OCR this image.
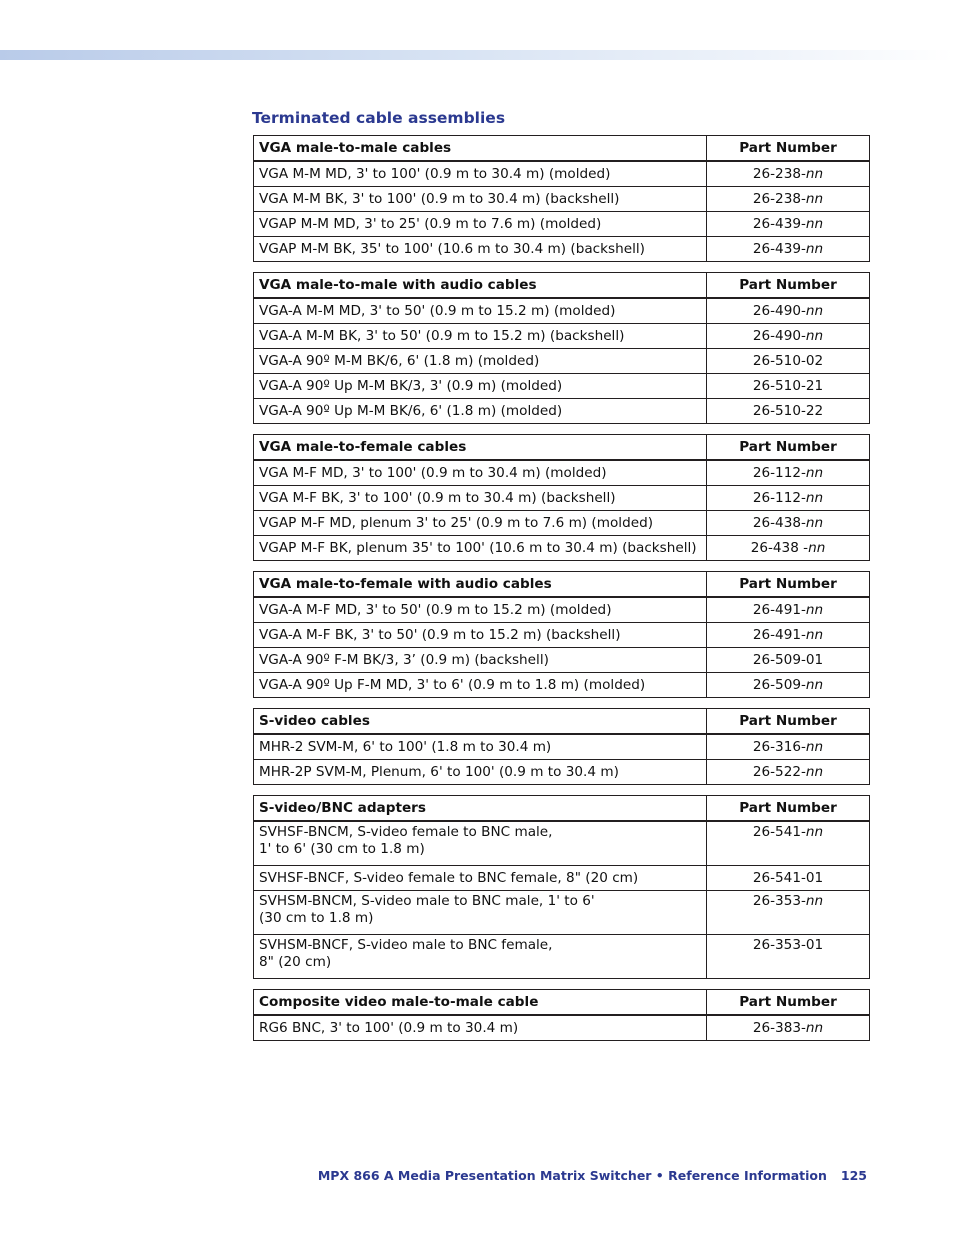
Terminated cable assemblies
VGA male-to-male cables	Part Number
VGA M-M MD, 3' to 100' (0.9 m to 30.4 m) (molded)	26-238-nn
VGA M-M BK, 3' to 100' (0.9 m to 30.4 m) (backshell)	26-238-nn
VGAP M-M MD, 3' to 25' (0.9 m to 7.6 m) (molded)	26-439-nn
VGAP M-M BK, 35' to 100' (10.6 m to 30.4 m) (backshell)	26-439-nn
VGA male-to-male with audio cables	Part Number
VGA-A M-M MD, 3' to 50' (0.9 m to 15.2 m) (molded)	26-490-nn
VGA-A M-M BK, 3' to 50' (0.9 m to 15.2 m) (backshell)	26-490-nn
VGA-A 90º M-M BK/6, 6' (1.8 m) (molded)	26-510-02
VGA-A 90º Up M-M BK/3, 3' (0.9 m) (molded)	26-510-21
VGA-A 90º Up M-M BK/6, 6' (1.8 m) (molded)	26-510-22
VGA male-to-female cables	Part Number
VGA M-F MD, 3' to 100' (0.9 m to 30.4 m) (molded)	26-112-nn
VGA M-F BK, 3' to 100' (0.9 m to 30.4 m) (backshell)	26-112-nn
VGAP M-F MD, plenum 3' to 25' (0.9 m to 7.6 m) (molded)	26-438-nn
VGAP M-F BK, plenum 35' to 100' (10.6 m to 30.4 m) (backshell)	26-438 -nn
VGA male-to-female with audio cables	Part Number
VGA-A M-F MD, 3' to 50' (0.9 m to 15.2 m) (molded)	26-491-nn
VGA-A M-F BK, 3' to 50' (0.9 m to 15.2 m) (backshell)	26-491-nn
VGA-A 90º F-M BK/3, 3’ (0.9 m) (backshell)	26-509-01
VGA-A 90º Up F-M MD, 3' to 6' (0.9 m to 1.8 m) (molded)	26-509-nn
S-video cables	Part Number
MHR-2 SVM-M, 6' to 100' (1.8 m to 30.4 m)	26-316-nn
MHR-2P SVM-M, Plenum, 6' to 100' (0.9 m to 30.4 m)	26-522-nn
S-video/BNC adapters	Part Number
SVHSF-BNCM, S-video female to BNC male,
1' to 6' (30 cm to 1.8 m)	26-541-nn
SVHSF-BNCF, S-video female to BNC female, 8" (20 cm)	26-541-01
SVHSM-BNCM, S-video male to BNC male, 1' to 6'
(30 cm to 1.8 m)	26-353-nn
SVHSM-BNCF, S-video male to BNC female,
8" (20 cm)	26-353-01
Composite video male-to-male cable	Part Number
RG6 BNC, 3' to 100' (0.9 m to 30.4 m)	26-383-nn
MPX 866 A Media Presentation Matrix Switcher • Reference Information 125
